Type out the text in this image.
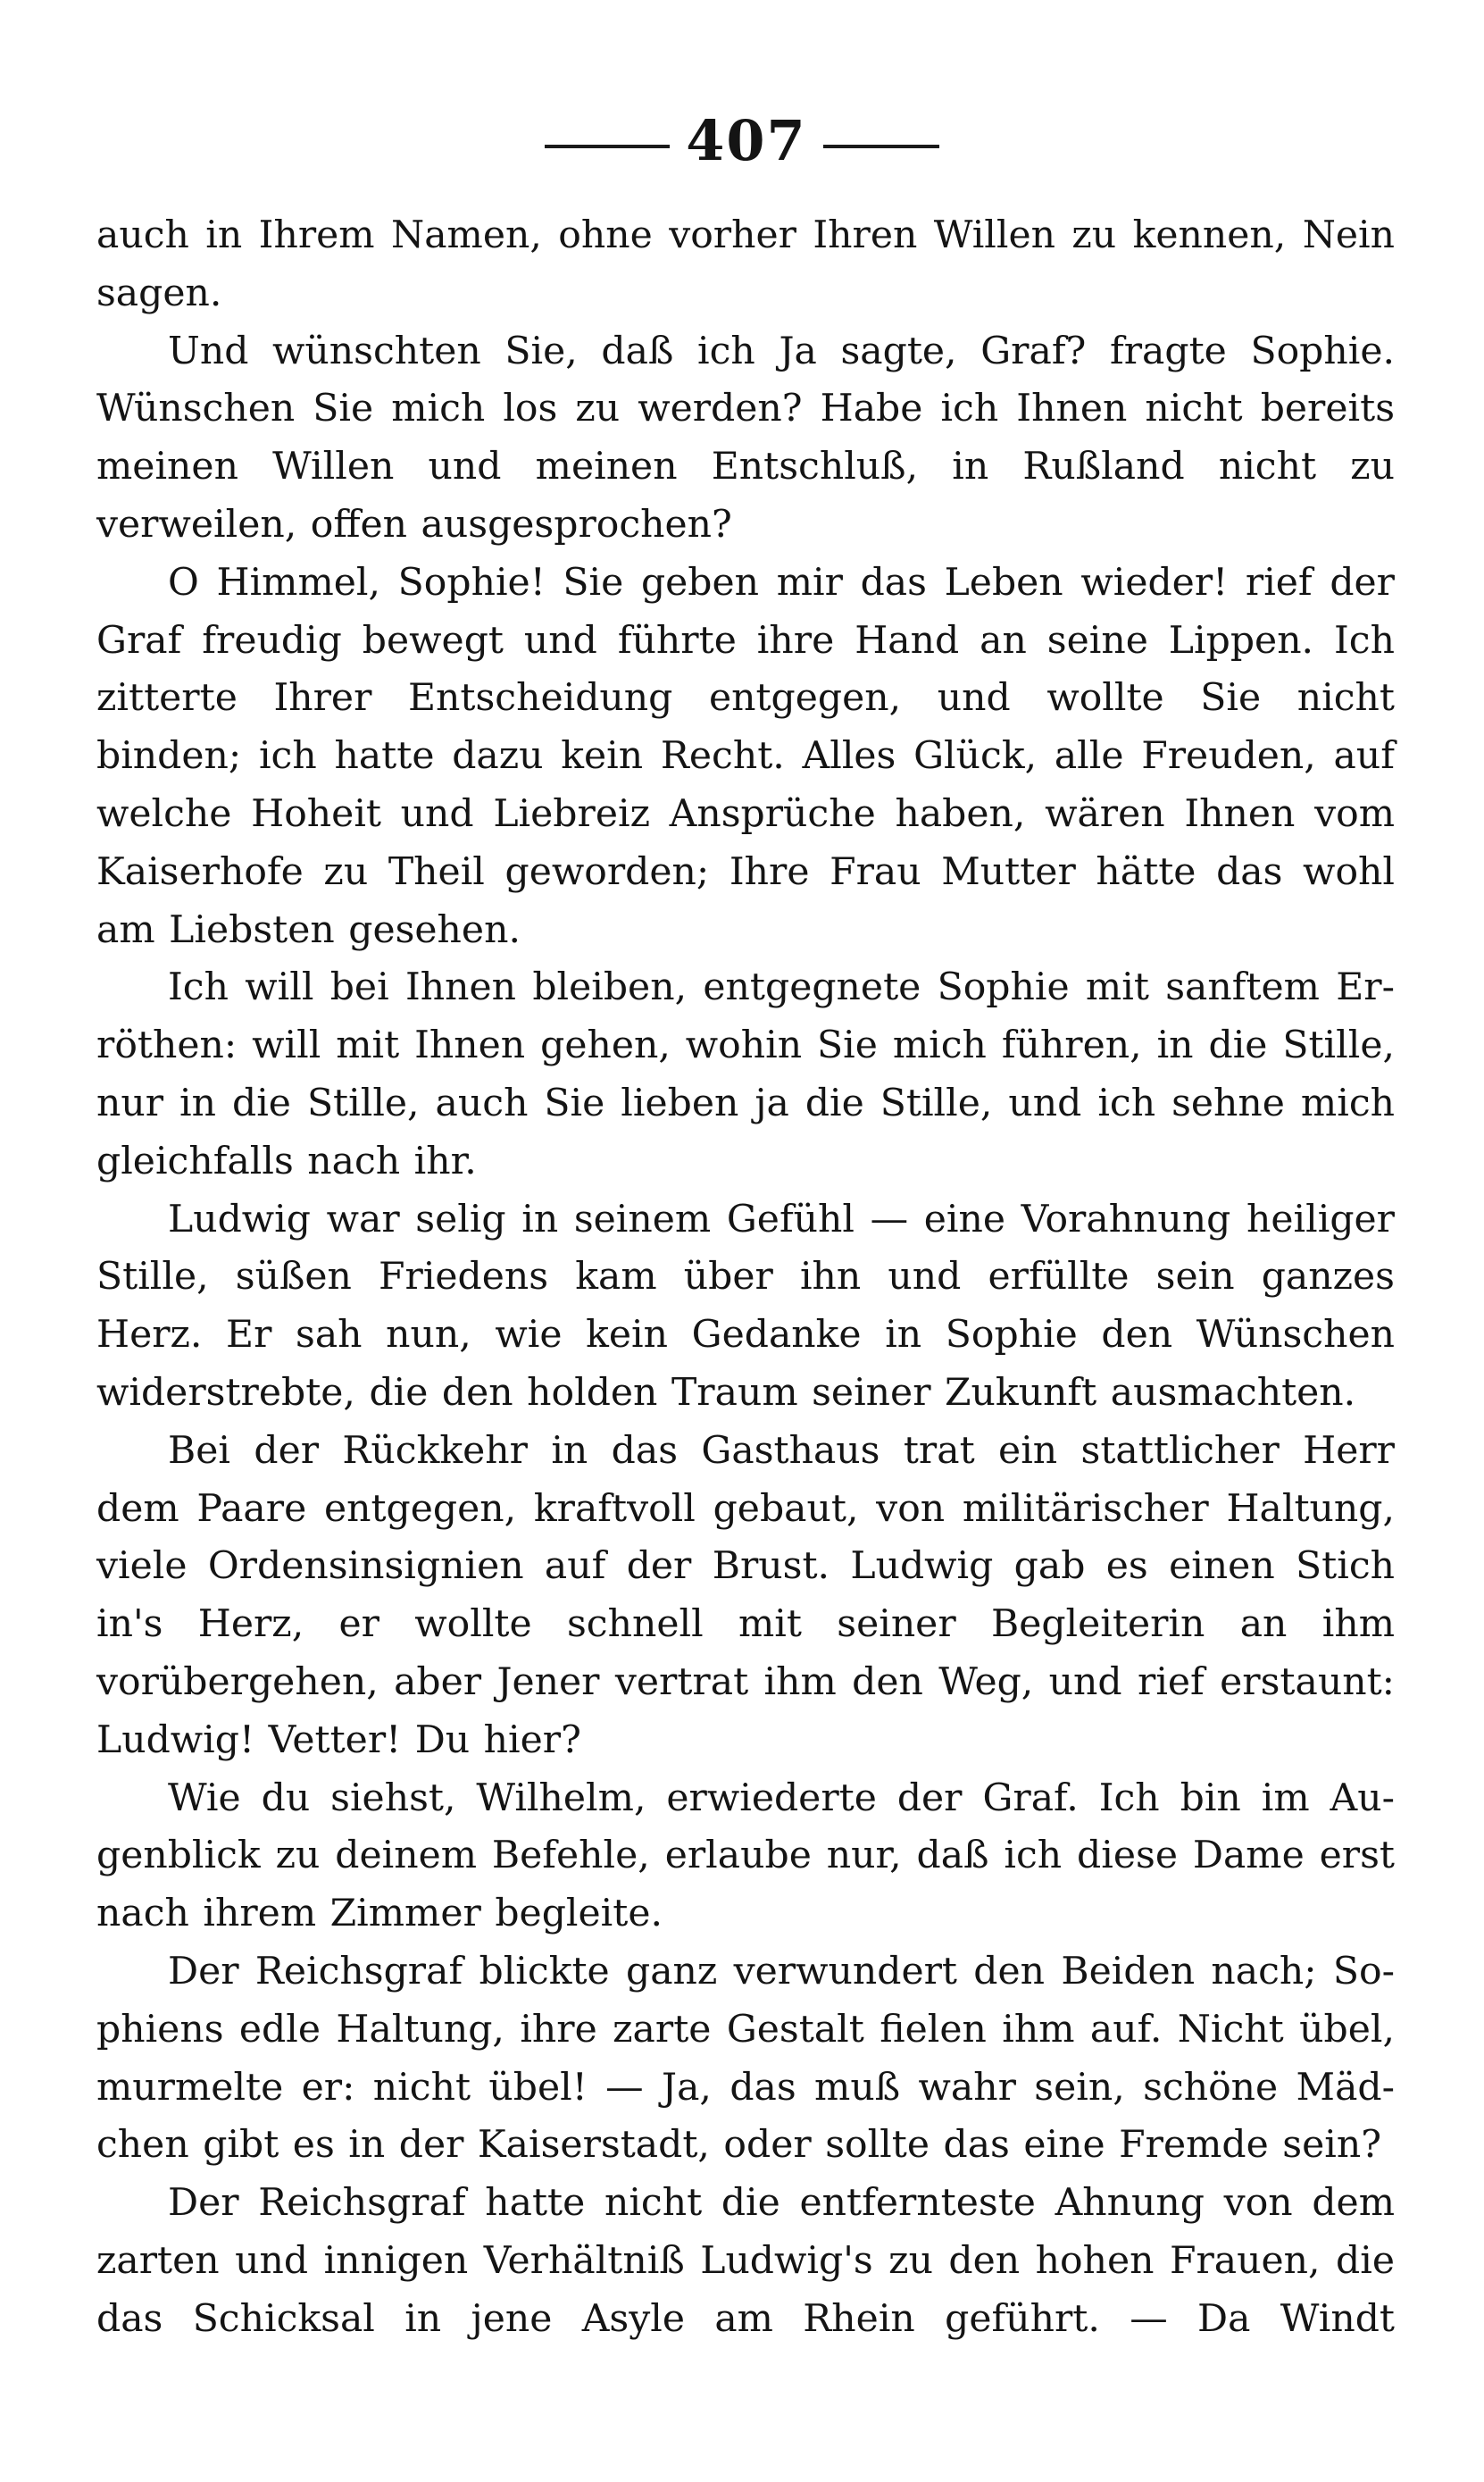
407

auch in Ihrem Namen, ohne vorher Ihren Willen zu kennen, Nein sagen.

Und wünschten Sie, daß ich Ja sagte, Graf? fragte Sophie. Wünschen Sie mich los zu werden? Habe ich Ihnen nicht bereits meinen Willen und meinen Entschluß, in Rußland nicht zu verweilen, offen ausgesprochen?

O Himmel, Sophie! Sie geben mir das Leben wieder! rief der Graf freudig bewegt und führte ihre Hand an seine Lippen. Ich zitterte Ihrer Entscheidung entgegen, und wollte Sie nicht binden; ich hatte dazu kein Recht. Alles Glück, alle Freuden, auf welche Hoheit und Liebreiz Ansprüche haben, wären Ihnen vom Kaiserhofe zu Theil geworden; Ihre Frau Mutter hätte das wohl am Liebsten gesehen.

Ich will bei Ihnen bleiben, entgegnete Sophie mit sanftem Erröthen: will mit Ihnen gehen, wohin Sie mich führen, in die Stille, nur in die Stille, auch Sie lieben ja die Stille, und ich sehne mich gleichfalls nach ihr.

Ludwig war selig in seinem Gefühl — eine Vorahnung heiliger Stille, süßen Friedens kam über ihn und erfüllte sein ganzes Herz. Er sah nun, wie kein Gedanke in Sophie den Wünschen widerstrebte, die den holden Traum seiner Zukunft ausmachten.

Bei der Rückkehr in das Gasthaus trat ein stattlicher Herr dem Paare entgegen, kraftvoll gebaut, von militärischer Haltung, viele Ordensinsignien auf der Brust. Ludwig gab es einen Stich in's Herz, er wollte schnell mit seiner Begleiterin an ihm vorübergehen, aber Jener vertrat ihm den Weg, und rief erstaunt: Ludwig! Vetter! Du hier?

Wie du siehst, Wilhelm, erwiederte der Graf. Ich bin im Augenblick zu deinem Befehle, erlaube nur, daß ich diese Dame erst nach ihrem Zimmer begleite.

Der Reichsgraf blickte ganz verwundert den Beiden nach; Sophiens edle Haltung, ihre zarte Gestalt fielen ihm auf. Nicht übel, murmelte er: nicht übel! — Ja, das muß wahr sein, schöne Mädchen gibt es in der Kaiserstadt, oder sollte das eine Fremde sein?

Der Reichsgraf hatte nicht die entfernteste Ahnung von dem zarten und innigen Verhältniß Ludwig's zu den hohen Frauen, die das Schicksal in jene Asyle am Rhein geführt. — Da Windt
